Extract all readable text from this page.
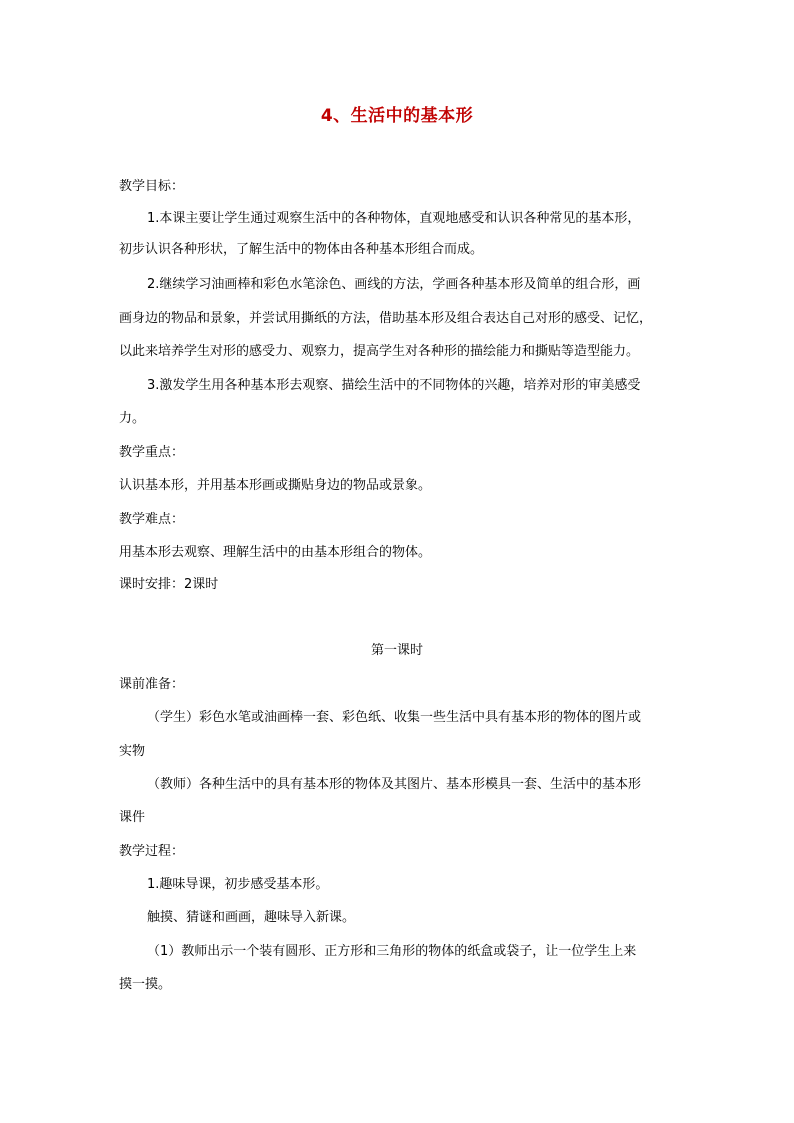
4、生活中的基本形
教学目标：
1.本课主要让学生通过观察生活中的各种物体，直观地感受和认识各种常见的基本形，
初步认识各种形状，了解生活中的物体由各种基本形组合而成。
2.继续学习油画棒和彩色水笔涂色、画线的方法，学画各种基本形及简单的组合形，画
画身边的物品和景象，并尝试用撕纸的方法，借助基本形及组合表达自己对形的感受、记忆，
以此来培养学生对形的感受力、观察力，提高学生对各种形的描绘能力和撕贴等造型能力。
3.激发学生用各种基本形去观察、描绘生活中的不同物体的兴趣，培养对形的审美感受
力。
教学重点：
认识基本形，并用基本形画或撕贴身边的物品或景象。
教学难点：
用基本形去观察、理解生活中的由基本形组合的物体。
课时安排：2课时
第一课时
课前准备：
（学生）彩色水笔或油画棒一套、彩色纸、收集一些生活中具有基本形的物体的图片或
实物
（教师）各种生活中的具有基本形的物体及其图片、基本形模具一套、生活中的基本形
课件
教学过程：
1.趣味导课，初步感受基本形。
触摸、猜谜和画画，趣味导入新课。
（1）教师出示一个装有圆形、正方形和三角形的物体的纸盒或袋子，让一位学生上来
摸一摸。
